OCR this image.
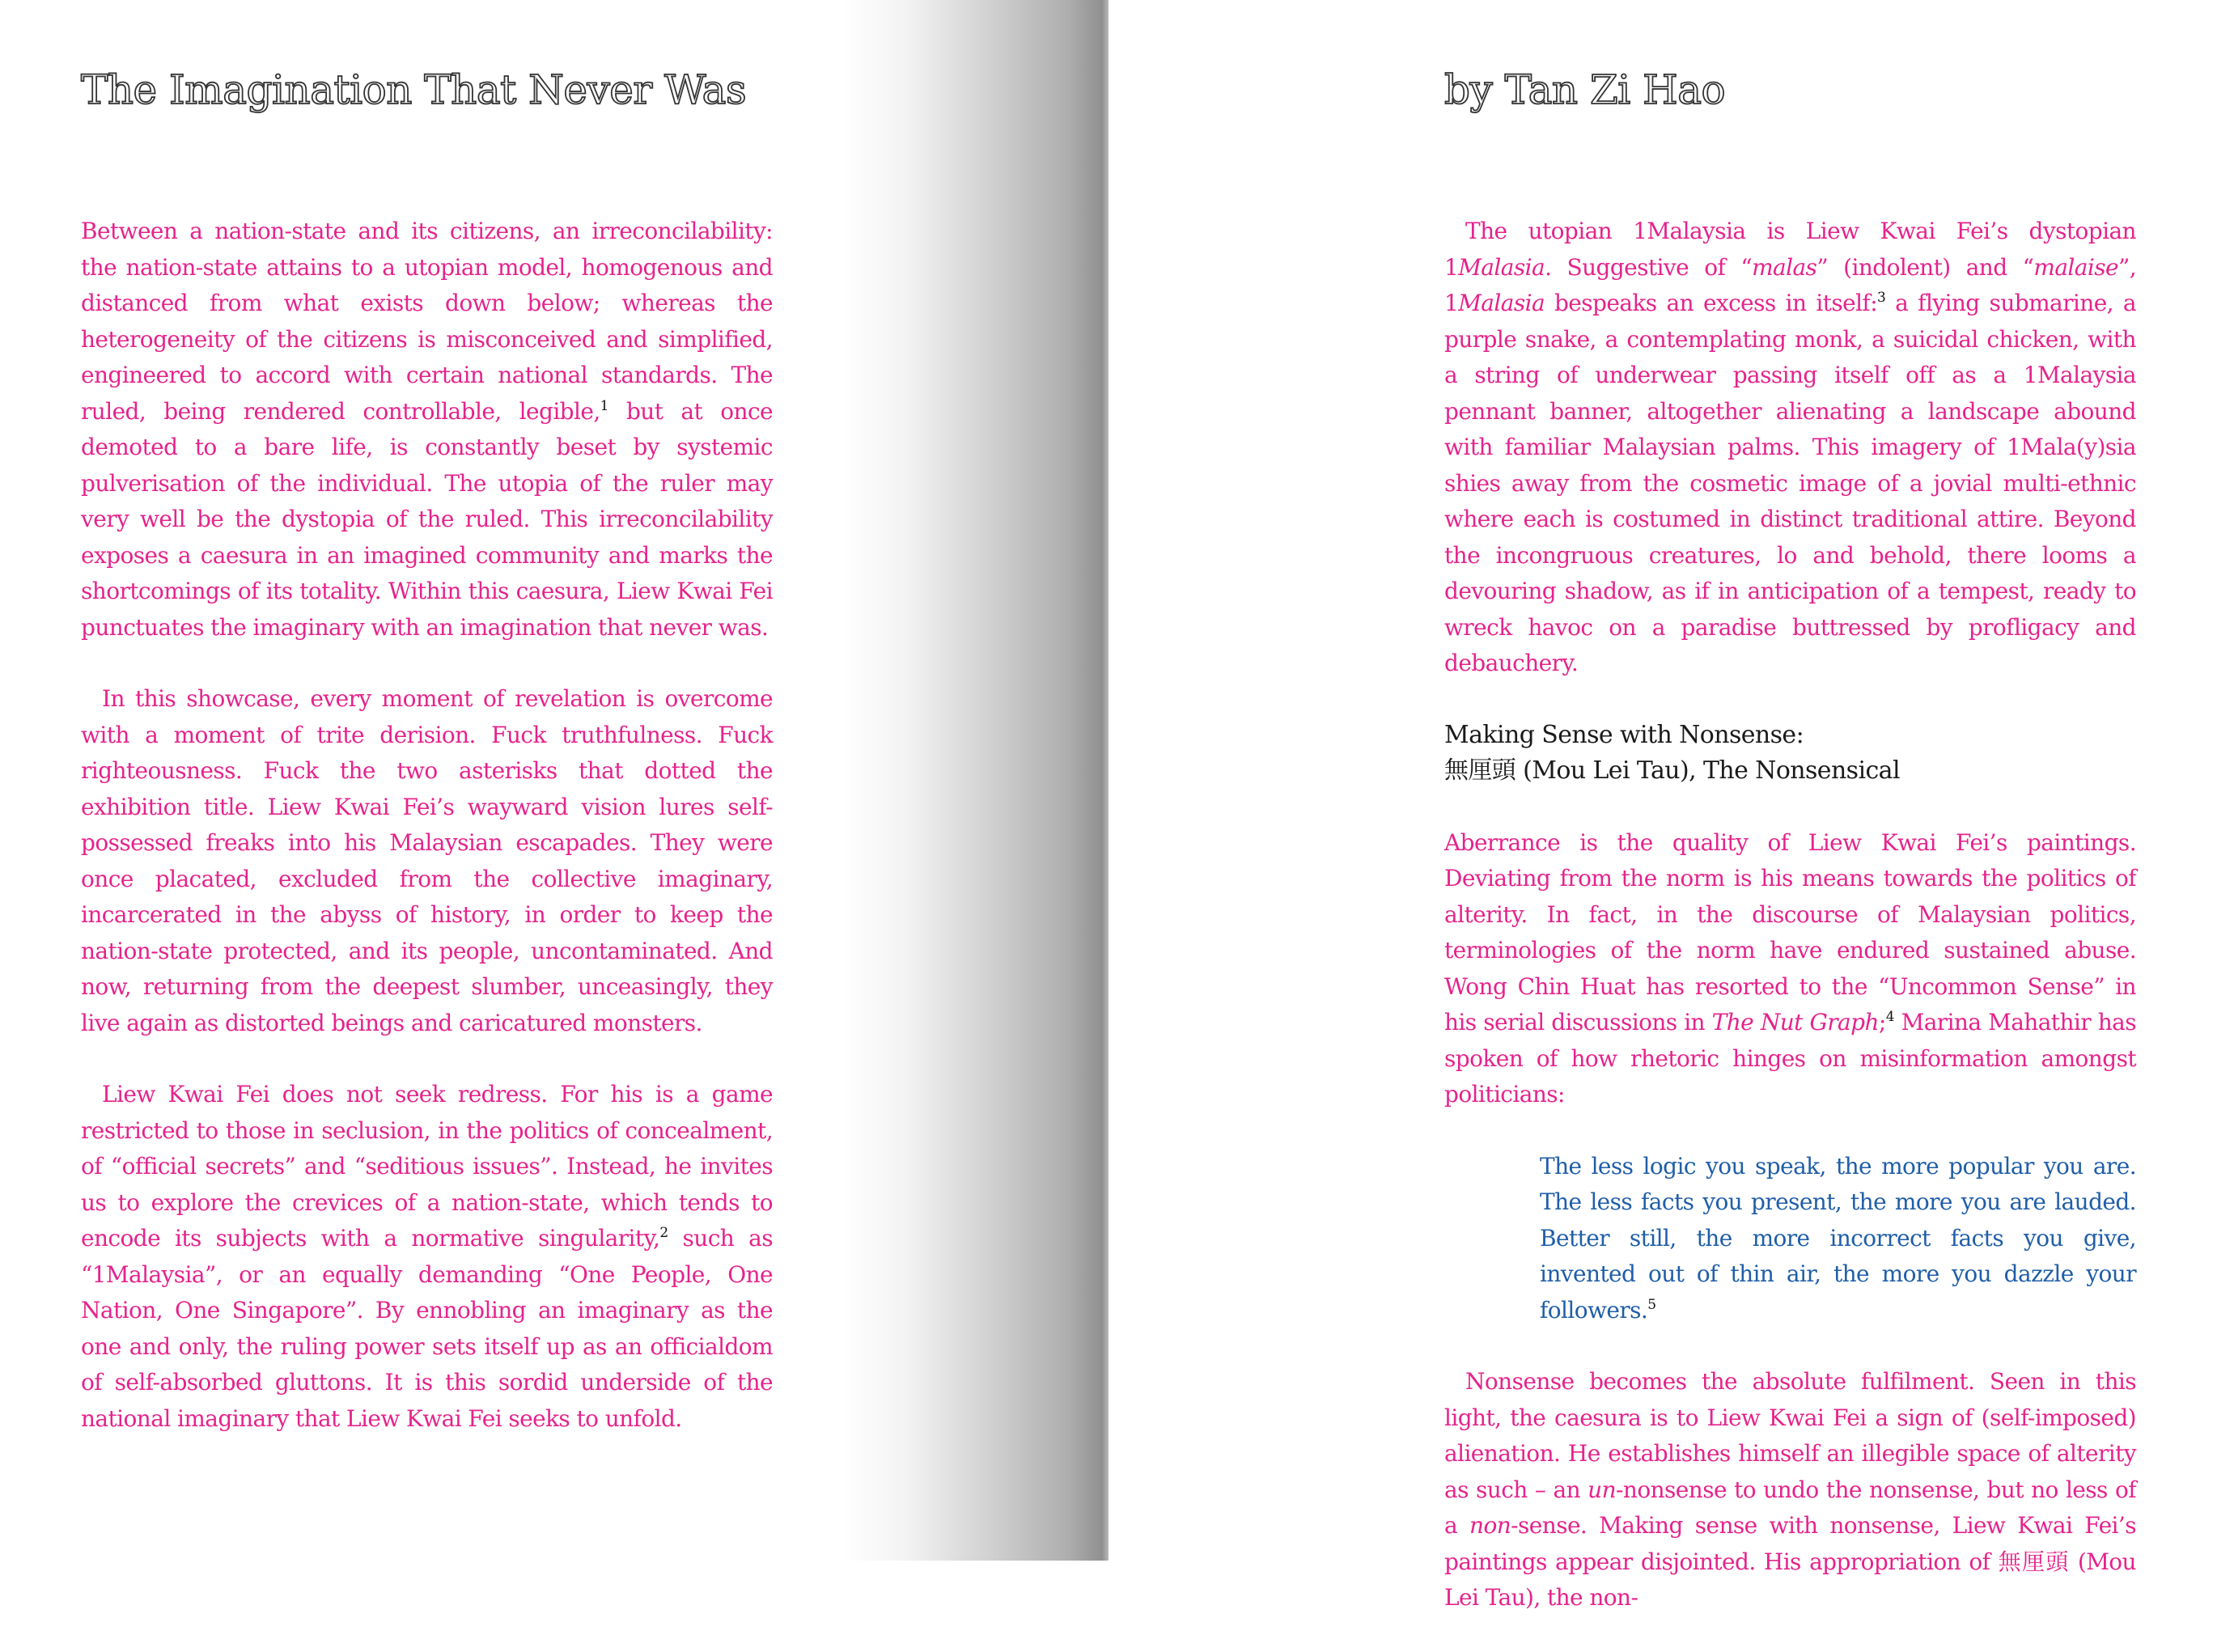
The Imagination That Never Was

Between a nation-state and its citizens, an irreconcilability: the nation-state attains to a utopian model, homogenous and distanced from what exists down below; whereas the heterogeneity of the citizens is misconceived and simplified, engineered to accord with certain national standards. The ruled, being rendered controllable, legible,$^1$ but at once demoted to a bare life, is constantly beset by systemic pulverisation of the individual. The utopia of the ruler may very well be the dystopia of the ruled. This irreconcilability exposes a caesura in an imagined community and marks the shortcomings of its totality. Within this caesura, Liew Kwai Fei punctuates the imaginary with an imagination that never was.

In this showcase, every moment of revelation is overcome with a moment of trite derision. Fuck truthfulness. Fuck righteousness. Fuck the two asterisks that dotted the exhibition title. Liew Kwai Fei’s wayward vision lures self-possessed freaks into his Malaysian escapades. They were once placated, excluded from the collective imaginary, incarcerated in the abyss of history, in order to keep the nation-state protected, and its people, uncontaminated. And now, returning from the deepest slumber, unceasingly, they live again as distorted beings and caricatured monsters.

Liew Kwai Fei does not seek redress. For his is a game restricted to those in seclusion, in the politics of concealment, of “official secrets” and “seditious issues”. Instead, he invites us to explore the crevices of a nation-state, which tends to encode its subjects with a normative singularity,$^2$ such as “1Malaysia”, or an equally demanding “One People, One Nation, One Singapore”. By ennobling an imaginary as the one and only, the ruling power sets itself up as an officialdom of self-absorbed gluttons. It is this sordid underside of the national imaginary that Liew Kwai Fei seeks to unfold.

by Tan Zi Hao

The utopian 1Malaysia is Liew Kwai Fei’s dystopian 1Malasia. Suggestive of “malas” (indolent) and “malaise”, 1Malasia bespeaks an excess in itself:$^3$ a flying submarine, a purple snake, a contemplating monk, a suicidal chicken, with a string of underwear passing itself off as a 1Malaysia pennant banner, altogether alienating a landscape abound with familiar Malaysian palms. This imagery of 1Mala(y)sia shies away from the cosmetic image of a jovial multi-ethnic where each is costumed in distinct traditional attire. Beyond the incongruous creatures, lo and behold, there looms a devouring shadow, as if in anticipation of a tempest, ready to wreck havoc on a paradise buttressed by profligacy and debauchery.

Making Sense with Nonsense:
無厘頭 (Mou Lei Tau), The Nonsensical

Aberrance is the quality of Liew Kwai Fei’s paintings. Deviating from the norm is his means towards the politics of alterity. In fact, in the discourse of Malaysian politics, terminologies of the norm have endured sustained abuse. Wong Chin Huat has resorted to the “Uncommon Sense” in his serial discussions in The Nut Graph;$^4$ Marina Mahathir has spoken of how rhetoric hinges on misinformation amongst politicians:

The less logic you speak, the more popular you are. The less facts you present, the more you are lauded. Better still, the more incorrect facts you give, invented out of thin air, the more you dazzle your followers.$^5$

Nonsense becomes the absolute fulfilment. Seen in this light, the caesura is to Liew Kwai Fei a sign of (self-imposed) alienation. He establishes himself an illegible space of alterity as such – an un-nonsense to undo the nonsense, but no less of a non-sense. Making sense with nonsense, Liew Kwai Fei’s paintings appear disjointed. His appropriation of 無厘頭 (Mou Lei Tau), the non-
